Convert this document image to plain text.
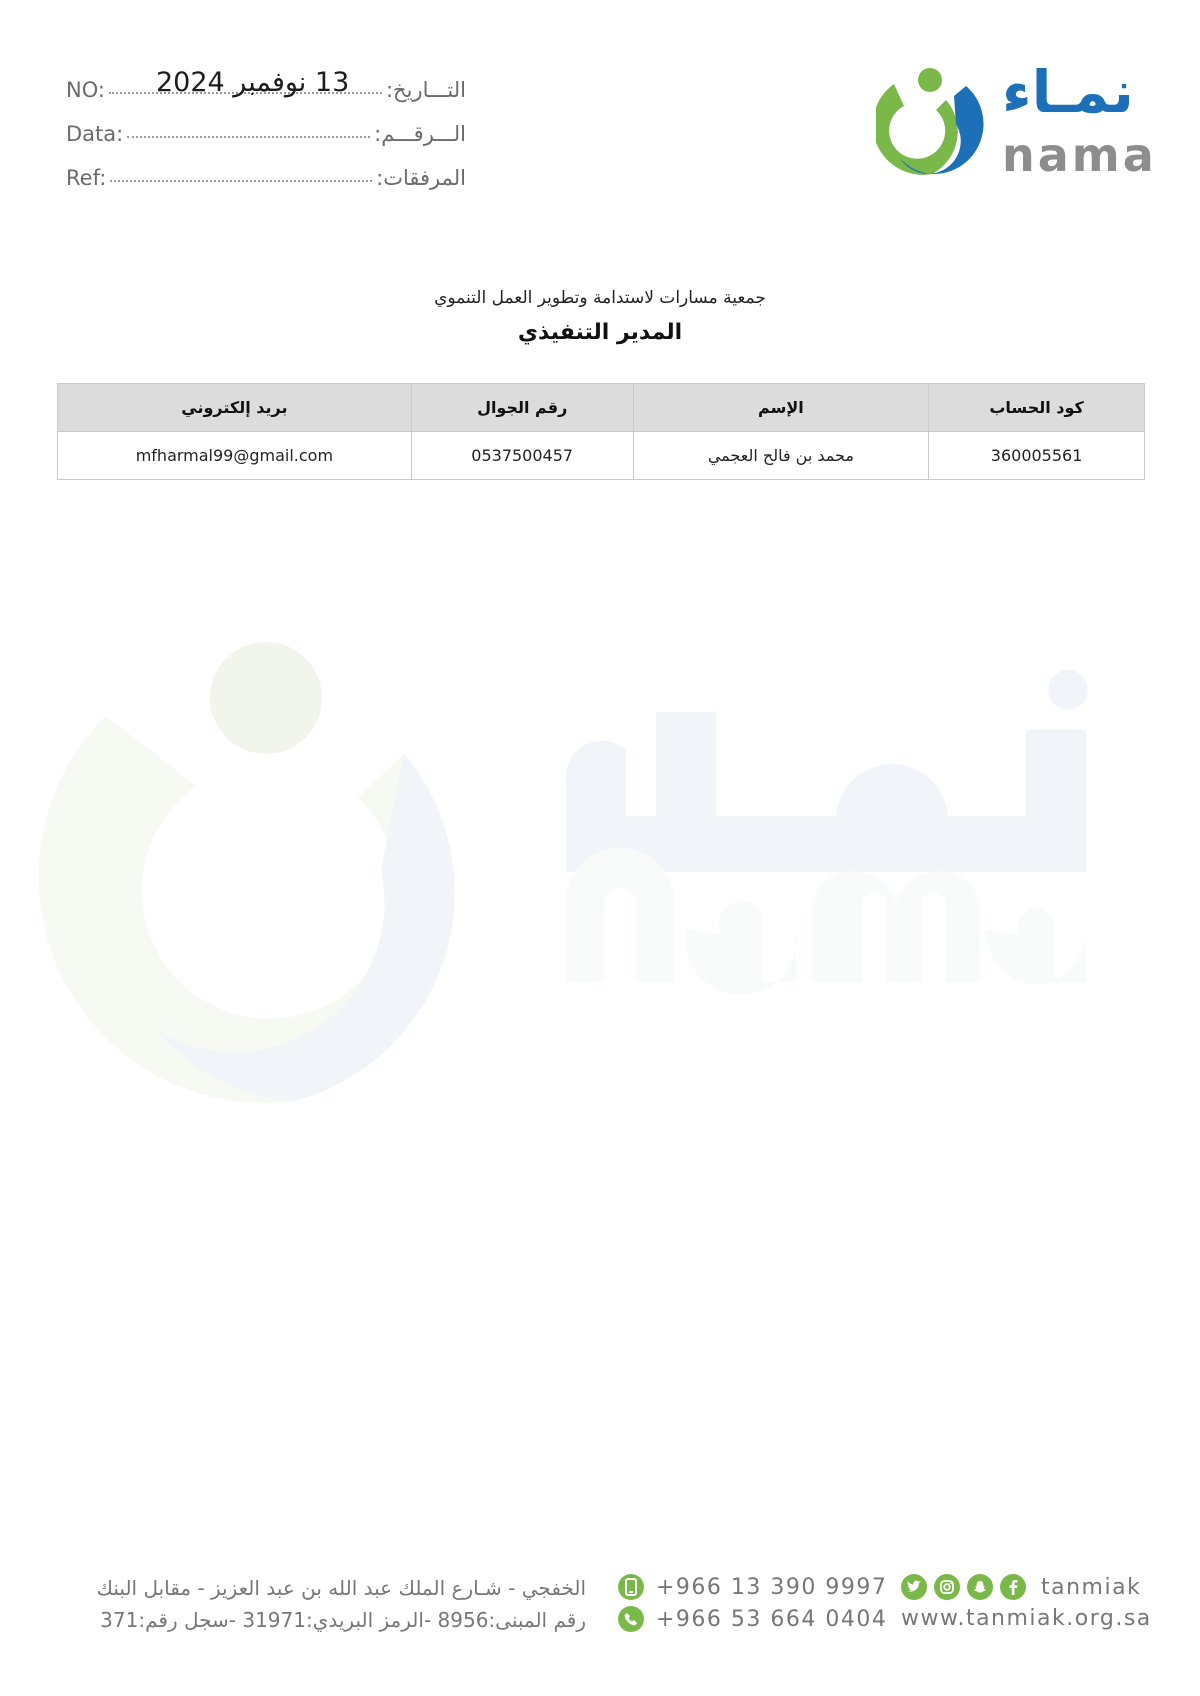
NO:	التـــاريخ:
13 نوفمبر 2024
Data:	الـــرقـــم:
Ref:	المرفقات:
نمـاء
nama
جمعية مسارات لاستدامة وتطوير العمل التنموي
المدير التنفيذي
كود الحساب	الإسم	رقم الجوال	بريد إلكتروني
360005561	محمد بن فالح العجمي	0537500457	mfharmal99@gmail.com
الخفجي - شـارع الملك عبد الله بن عبد العزيز - مقابل البنك
رقم المبنى:8956 -الرمز البريدي:31971 -سجل رقم:371
+966 13 390 9997
+966 53 664 0404
tanmiak
www.tanmiak.org.sa
